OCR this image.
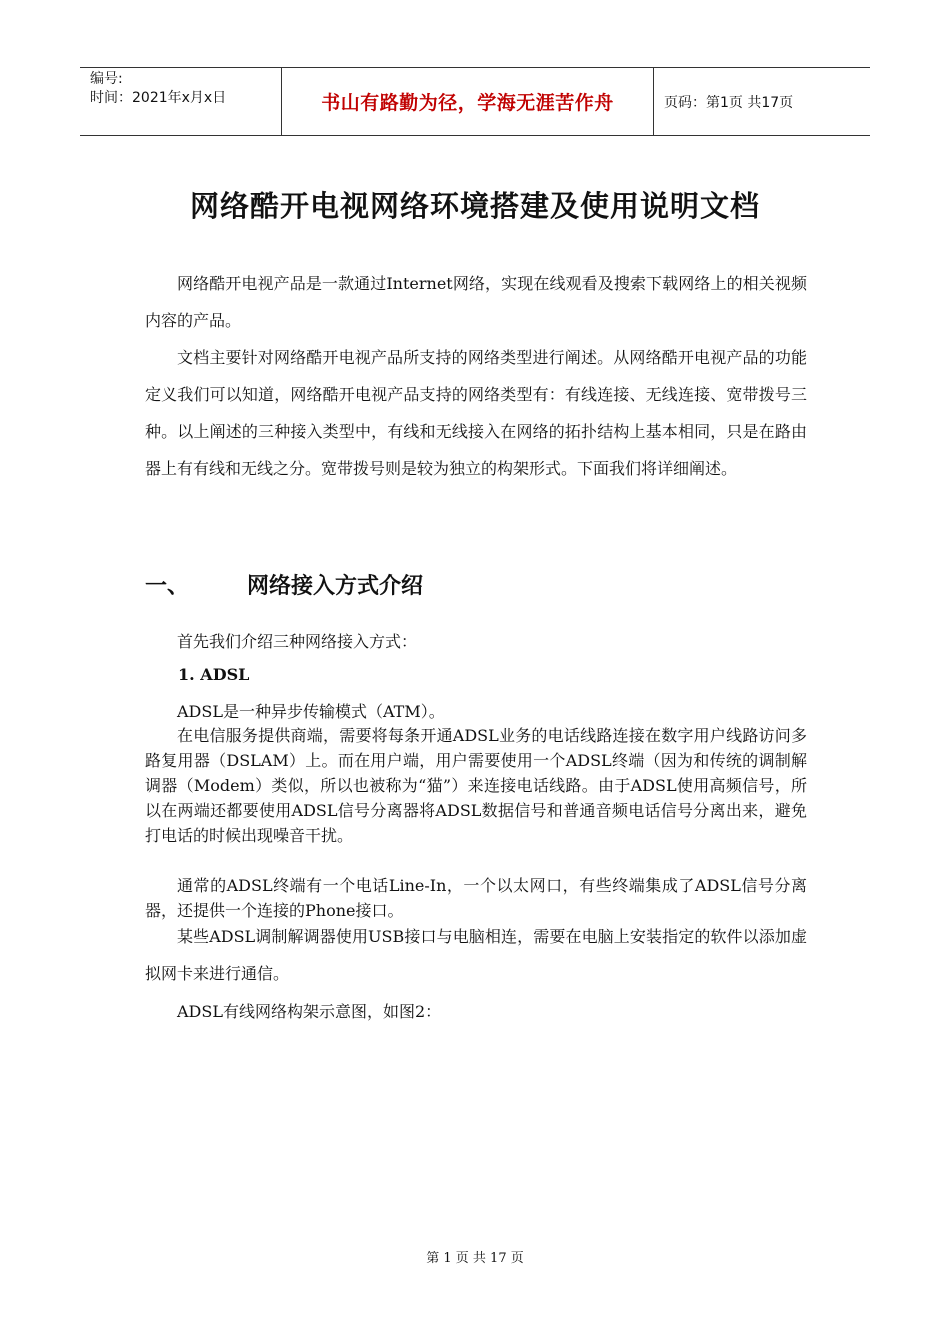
编号:
时间：2021年x月x日	书山有路勤为径，学海无涯苦作舟	页码：第1页 共17页
网络酷开电视网络环境搭建及使用说明文档
网络酷开电视产品是一款通过Internet网络，实现在线观看及搜索下载网络上的相关视频内容的产品。
文档主要针对网络酷开电视产品所支持的网络类型进行阐述。从网络酷开电视产品的功能定义我们可以知道，网络酷开电视产品支持的网络类型有：有线连接、无线连接、宽带拨号三种。以上阐述的三种接入类型中，有线和无线接入在网络的拓扑结构上基本相同，只是在路由器上有有线和无线之分。宽带拨号则是较为独立的构架形式。下面我们将详细阐述。
一、	网络接入方式介绍
首先我们介绍三种网络接入方式：
1. ADSL
ADSL是一种异步传输模式（ATM）。
在电信服务提供商端，需要将每条开通ADSL业务的电话线路连接在数字用户线路访问多路复用器（DSLAM）上。而在用户端，用户需要使用一个ADSL终端（因为和传统的调制解调器（Modem）类似，所以也被称为“猫”）来连接电话线路。由于ADSL使用高频信号，所以在两端还都要使用ADSL信号分离器将ADSL数据信号和普通音频电话信号分离出来，避免打电话的时候出现噪音干扰。
通常的ADSL终端有一个电话Line-In，一个以太网口，有些终端集成了ADSL信号分离器，还提供一个连接的Phone接口。
某些ADSL调制解调器使用USB接口与电脑相连，需要在电脑上安装指定的软件以添加虚拟网卡来进行通信。
ADSL有线网络构架示意图，如图2：
第 1 页 共 17 页
